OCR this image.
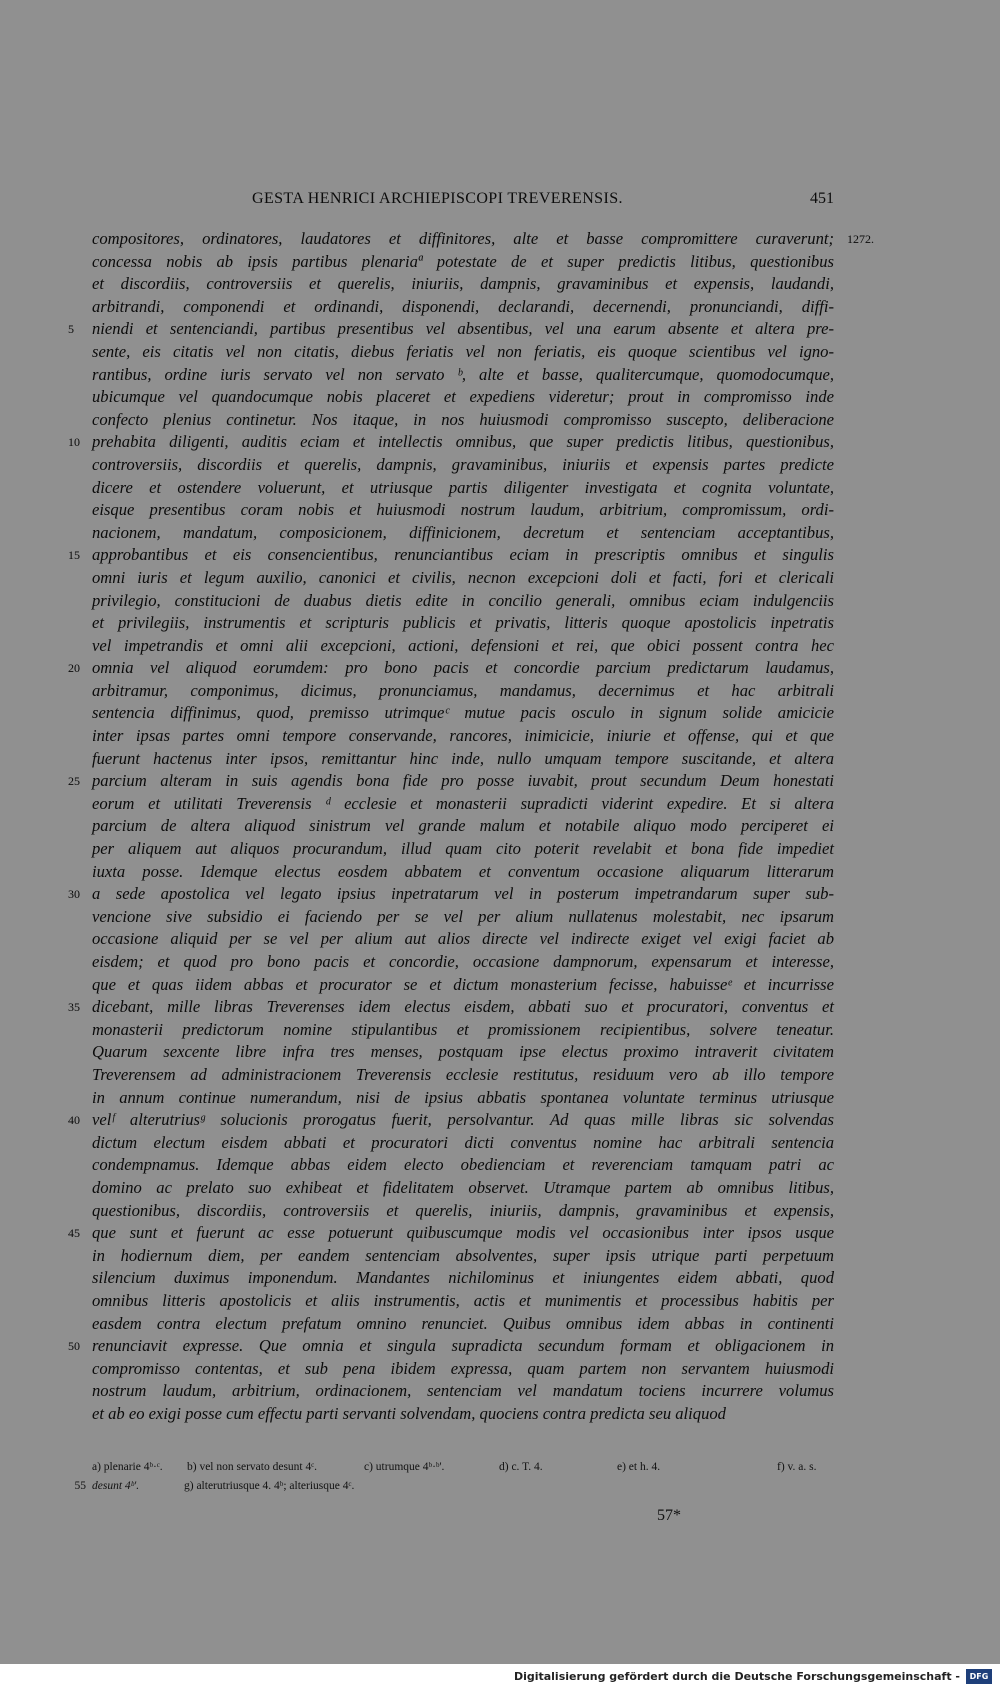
GESTA HENRICI ARCHIEPISCOPI TREVERENSIS.	451
compositores, ordinatores, laudatores et diffinitores, alte et basse compromittere curaverunt; 1272.
concessa nobis ab ipsis partibus plenariaª potestate de et super predictis litibus, questionibus
et discordiis, controversiis et querelis, iniuriis, dampnis, gravaminibus et expensis, laudandi,
arbitrandi, componendi et ordinandi, disponendi, declarandi, decernendi, pronunciandi, diffi-
niendi et sentenciandi, partibus presentibus vel absentibus, vel una earum absente et altera pre-
5
sente, eis citatis vel non citatis, diebus feriatis vel non feriatis, eis quoque scientibus vel igno-
rantibus, ordine iuris servato vel non servato ᵇ, alte et basse, qualitercumque, quomodocumque,
ubicumque vel quandocumque nobis placeret et expediens videretur; prout in compromisso inde
confecto plenius continetur. Nos itaque, in nos huiusmodi compromisso suscepto, deliberacione
prehabita diligenti, auditis eciam et intellectis omnibus, que super predictis litibus, questionibus,
10
controversiis, discordiis et querelis, dampnis, gravaminibus, iniuriis et expensis partes predicte
dicere et ostendere voluerunt, et utriusque partis diligenter investigata et cognita voluntate,
eisque presentibus coram nobis et huiusmodi nostrum laudum, arbitrium, compromissum, ordi-
nacionem, mandatum, composicionem, diffinicionem, decretum et sentenciam acceptantibus,
approbantibus et eis consencientibus, renunciantibus eciam in prescriptis omnibus et singulis
15
omni iuris et legum auxilio, canonici et civilis, necnon excepcioni doli et facti, fori et clericali
privilegio, constitucioni de duabus dietis edite in concilio generali, omnibus eciam indulgenciis
et privilegiis, instrumentis et scripturis publicis et privatis, litteris quoque apostolicis inpetratis
vel impetrandis et omni alii excepcioni, actioni, defensioni et rei, que obici possent contra hec
omnia vel aliquod eorumdem: pro bono pacis et concordie parcium predictarum laudamus,
20
arbitramur, componimus, dicimus, pronunciamus, mandamus, decernimus et hac arbitrali
sentencia diffinimus, quod, premisso utrimqueᶜ mutue pacis osculo in signum solide amicicie
inter ipsas partes omni tempore conservande, rancores, inimicicie, iniurie et offense, qui et que
fuerunt hactenus inter ipsos, remittantur hinc inde, nullo umquam tempore suscitande, et altera
parcium alteram in suis agendis bona fide pro posse iuvabit, prout secundum Deum honestati
25
eorum et utilitati Treverensis ᵈ ecclesie et monasterii supradicti viderint expedire. Et si altera
parcium de altera aliquod sinistrum vel grande malum et notabile aliquo modo perciperet ei
per aliquem aut aliquos procurandum, illud quam cito poterit revelabit et bona fide impediet
iuxta posse. Idemque electus eosdem abbatem et conventum occasione aliquarum litterarum
a sede apostolica vel legato ipsius inpetratarum vel in posterum impetrandarum super sub-
30
vencione sive subsidio ei faciendo per se vel per alium nullatenus molestabit, nec ipsarum
occasione aliquid per se vel per alium aut alios directe vel indirecte exiget vel exigi faciet ab
eisdem; et quod pro bono pacis et concordie, occasione dampnorum, expensarum et interesse,
que et quas iidem abbas et procurator se et dictum monasterium fecisse, habuisseᵉ et incurrisse
dicebant, mille libras Treverenses idem electus eisdem, abbati suo et procuratori, conventus et
35
monasterii predictorum nomine stipulantibus et promissionem recipientibus, solvere teneatur.
Quarum sexcente libre infra tres menses, postquam ipse electus proximo intraverit civitatem
Treverensem ad administracionem Treverensis ecclesie restitutus, residuum vero ab illo tempore
in annum continue numerandum, nisi de ipsius abbatis spontanea voluntate terminus utriusque
velᶠ alterutriusᵍ solucionis prorogatus fuerit, persolvantur. Ad quas mille libras sic solvendas
40
dictum electum eisdem abbati et procuratori dicti conventus nomine hac arbitrali sentencia
condempnamus. Idemque abbas eidem electo obedienciam et reverenciam tamquam patri ac
domino ac prelato suo exhibeat et fidelitatem observet. Utramque partem ab omnibus litibus,
questionibus, discordiis, controversiis et querelis, iniuriis, dampnis, gravaminibus et expensis,
que sunt et fuerunt ac esse potuerunt quibuscumque modis vel occasionibus inter ipsos usque
45
in hodiernum diem, per eandem sentenciam absolventes, super ipsis utrique parti perpetuum
silencium duximus imponendum. Mandantes nichilominus et iniungentes eidem abbati, quod
omnibus litteris apostolicis et aliis instrumentis, actis et munimentis et processibus habitis per
easdem contra electum prefatum omnino renunciet. Quibus omnibus idem abbas in continenti
renunciavit expresse. Que omnia et singula supradicta secundum formam et obligacionem in
50
compromisso contentas, et sub pena ibidem expressa, quam partem non servantem huiusmodi
nostrum laudum, arbitrium, ordinacionem, sentenciam vel mandatum tociens incurrere volumus
et ab eo exigi posse cum effectu parti servanti solvendam, quociens contra predicta seu aliquod
a) plenarie 4ᵇ·ᶜ. b) vel non servato desunt 4ᶜ.	c) utrumque 4ᵇ·ᵇ'.	d) c. T. 4.	e) et h. 4.	f) v. a. s.
55 desunt 4ᵇ'.	g) alterutriusque 4. 4ᵇ; alteriusque 4ᶜ.
57*
Digitalisierung gefördert durch die Deutsche Forschungsgemeinschaft -	DFG
